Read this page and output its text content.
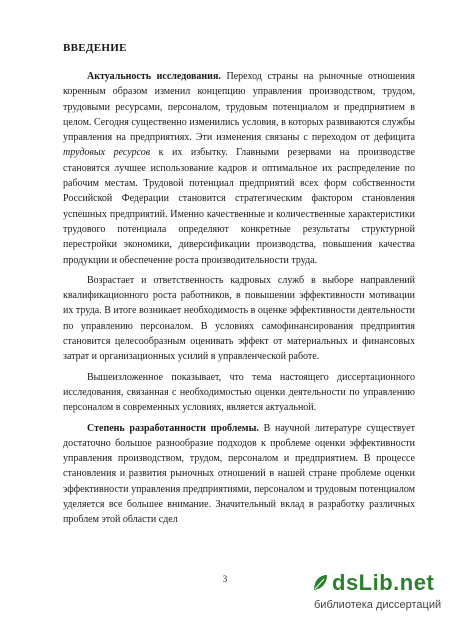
ВВЕДЕНИЕ

Актуальность исследования. Переход страны на рыночные отношения коренным образом изменил концепцию управления производством, трудом, трудовыми ресурсами, персоналом, трудовым потенциалом и предприятием в целом. Сегодня существенно изменились условия, в которых развиваются службы управления на предприятиях. Эти изменения связаны с переходом от дефицита трудовых ресурсов к их избытку. Главными резервами на производстве становятся лучшее использование кадров и оптимальное их распределение по рабочим местам. Трудовой потенциал предприятий всех форм собственности Российской Федерации становится стратегическим фактором становления успешных предприятий. Именно качественные и количественные характеристики трудового потенциала определяют конкретные результаты структурной перестройки экономики, диверсификации производства, повышения качества продукции и обеспечение роста производительности труда.

Возрастает и ответственность кадровых служб в выборе направлений квалификационного роста работников, в повышении эффективности мотивации их труда. В итоге возникает необходимость в оценке эффективности деятельности по управлению персоналом. В условиях самофинансирования предприятия становится целесообразным оценивать эффект от материальных и финансовых затрат и организационных усилий в управленческой работе.

Вышеизложенное показывает, что тема настоящего диссертационного исследования, связанная с необходимостью оценки деятельности по управлению персоналом в современных условиях, является актуальной.

Степень разработанности проблемы. В научной литературе существует достаточно большое разнообразие подходов к проблеме оценки эффективности управления производством, трудом, персоналом и предприятием. В процессе становления и развития рыночных отношений в нашей стране проблеме оценки эффективности управления предприятиями, персоналом и трудовым потенциалом уделяется все большее внимание. Значительный вклад в разработку различных проблем этой области сдел

3	dsLib.net
библиотека диссертаций
